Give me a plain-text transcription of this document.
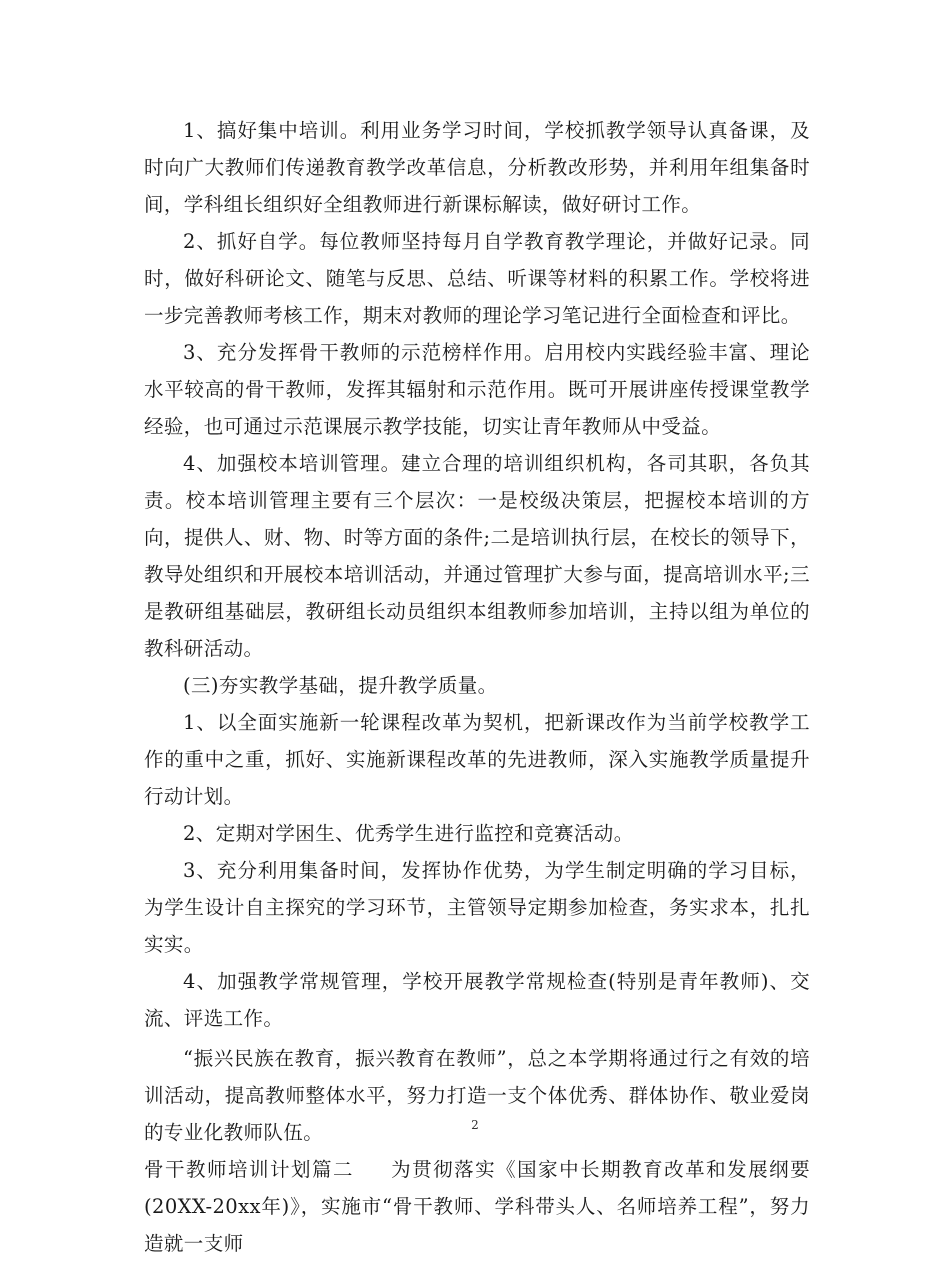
1、搞好集中培训。利用业务学习时间，学校抓教学领导认真备课，及时向广大教师们传递教育教学改革信息，分析教改形势，并利用年组集备时间，学科组长组织好全组教师进行新课标解读，做好研讨工作。

2、抓好自学。每位教师坚持每月自学教育教学理论，并做好记录。同时，做好科研论文、随笔与反思、总结、听课等材料的积累工作。学校将进一步完善教师考核工作，期末对教师的理论学习笔记进行全面检查和评比。

3、充分发挥骨干教师的示范榜样作用。启用校内实践经验丰富、理论水平较高的骨干教师，发挥其辐射和示范作用。既可开展讲座传授课堂教学经验，也可通过示范课展示教学技能，切实让青年教师从中受益。

4、加强校本培训管理。建立合理的培训组织机构，各司其职，各负其责。校本培训管理主要有三个层次：一是校级决策层，把握校本培训的方向，提供人、财、物、时等方面的条件;二是培训执行层，在校长的领导下，教导处组织和开展校本培训活动，并通过管理扩大参与面，提高培训水平;三是教研组基础层，教研组长动员组织本组教师参加培训，主持以组为单位的教科研活动。

(三)夯实教学基础，提升教学质量。

1、以全面实施新一轮课程改革为契机，把新课改作为当前学校教学工作的重中之重，抓好、实施新课程改革的先进教师，深入实施教学质量提升行动计划。

2、定期对学困生、优秀学生进行监控和竞赛活动。

3、充分利用集备时间，发挥协作优势，为学生制定明确的学习目标，为学生设计自主探究的学习环节，主管领导定期参加检查，务实求本，扎扎实实。

4、加强教学常规管理，学校开展教学常规检查(特别是青年教师)、交流、评选工作。

“振兴民族在教育，振兴教育在教师”，总之本学期将通过行之有效的培训活动，提高教师整体水平，努力打造一支个体优秀、群体协作、敬业爱岗的专业化教师队伍。

骨干教师培训计划篇二 为贯彻落实《国家中长期教育改革和发展纲要(20XX-20xx年)》，实施市“骨干教师、学科带头人、名师培养工程”，努力造就一支师

2
